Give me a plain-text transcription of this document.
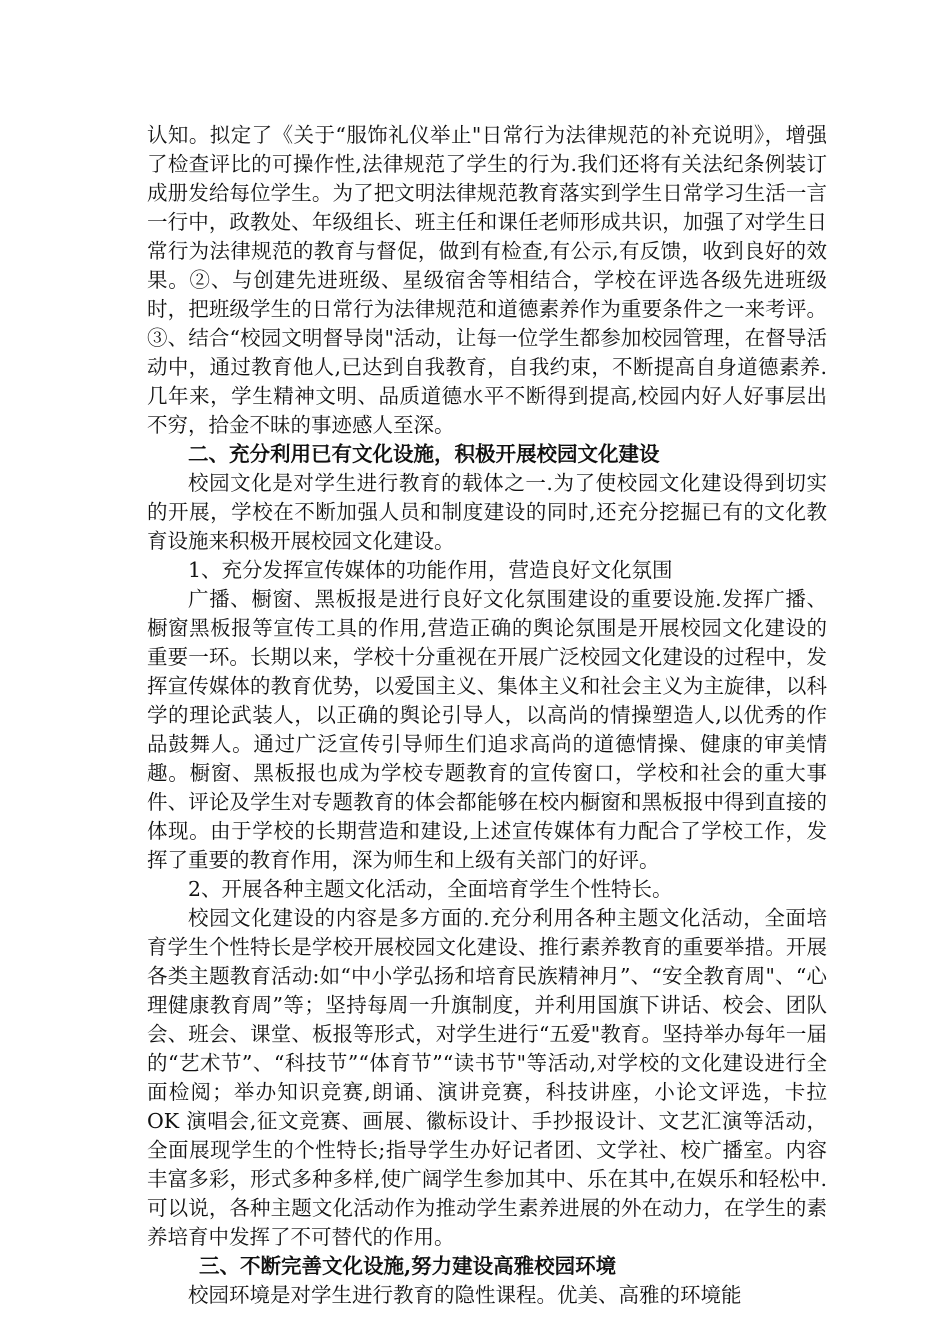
认知。拟定了《关于“服饰礼仪举止"日常行为法律规范的补充说明》，增强了检查评比的可操作性,法律规范了学生的行为.我们还将有关法纪条例装订成册发给每位学生。为了把文明法律规范教育落实到学生日常学习生活一言一行中，政教处、年级组长、班主任和课任老师形成共识，加强了对学生日常行为法律规范的教育与督促，做到有检查,有公示,有反馈，收到良好的效果。②、与创建先进班级、星级宿舍等相结合，学校在评选各级先进班级时，把班级学生的日常行为法律规范和道德素养作为重要条件之一来考评。③、结合“校园文明督导岗"活动，让每一位学生都参加校园管理，在督导活动中，通过教育他人,已达到自我教育，自我约束，不断提高自身道德素养.几年来，学生精神文明、品质道德水平不断得到提高,校园内好人好事层出不穷，拾金不昧的事迹感人至深。

二、充分利用已有文化设施，积极开展校园文化建设

校园文化是对学生进行教育的载体之一.为了使校园文化建设得到切实的开展，学校在不断加强人员和制度建设的同时,还充分挖掘已有的文化教育设施来积极开展校园文化建设。

1、充分发挥宣传媒体的功能作用，营造良好文化氛围

广播、橱窗、黑板报是进行良好文化氛围建设的重要设施.发挥广播、橱窗黑板报等宣传工具的作用,营造正确的舆论氛围是开展校园文化建设的重要一环。长期以来，学校十分重视在开展广泛校园文化建设的过程中，发挥宣传媒体的教育优势，以爱国主义、集体主义和社会主义为主旋律，以科学的理论武装人，以正确的舆论引导人，以高尚的情操塑造人,以优秀的作品鼓舞人。通过广泛宣传引导师生们追求高尚的道德情操、健康的审美情趣。橱窗、黑板报也成为学校专题教育的宣传窗口，学校和社会的重大事件、评论及学生对专题教育的体会都能够在校内橱窗和黑板报中得到直接的体现。由于学校的长期营造和建设,上述宣传媒体有力配合了学校工作，发挥了重要的教育作用，深为师生和上级有关部门的好评。

2、开展各种主题文化活动，全面培育学生个性特长。

校园文化建设的内容是多方面的.充分利用各种主题文化活动，全面培育学生个性特长是学校开展校园文化建设、推行素养教育的重要举措。开展各类主题教育活动:如“中小学弘扬和培育民族精神月”、“安全教育周"、“心理健康教育周”等；坚持每周一升旗制度，并利用国旗下讲话、校会、团队会、班会、课堂、板报等形式，对学生进行“五爱"教育。坚持举办每年一届的“艺术节”、“科技节”“体育节”“读书节"等活动,对学校的文化建设进行全面检阅；举办知识竞赛,朗诵、演讲竞赛，科技讲座，小论文评选，卡拉 OK 演唱会,征文竞赛、画展、徽标设计、手抄报设计、文艺汇演等活动，全面展现学生的个性特长;指导学生办好记者团、文学社、校广播室。内容丰富多彩，形式多种多样,使广阔学生参加其中、乐在其中,在娱乐和轻松中.可以说，各种主题文化活动作为推动学生素养进展的外在动力，在学生的素养培育中发挥了不可替代的作用。

三、不断完善文化设施,努力建设高雅校园环境

校园环境是对学生进行教育的隐性课程。优美、高雅的环境能
